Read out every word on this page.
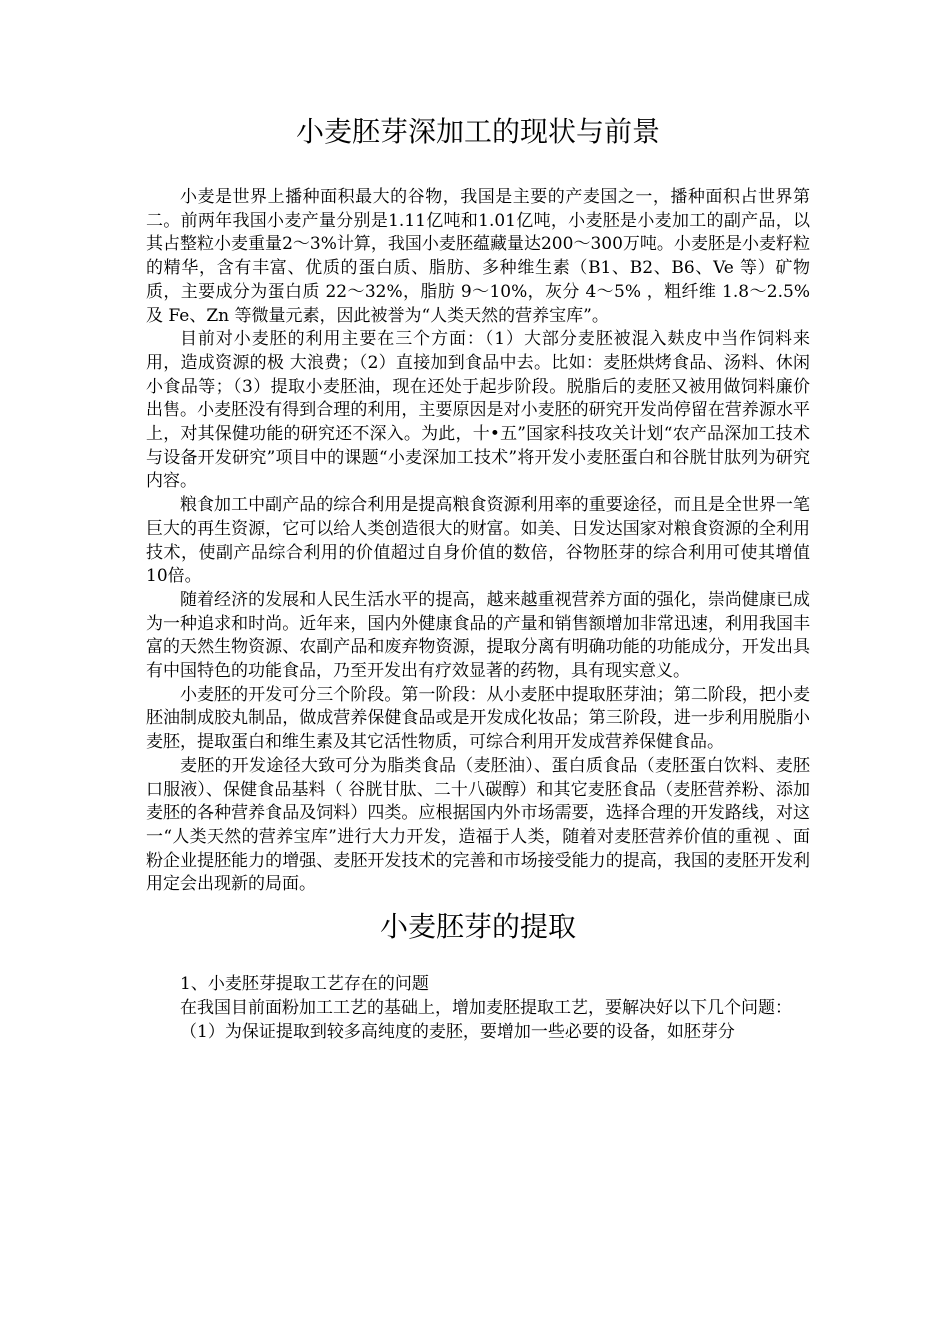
小麦胚芽深加工的现状与前景

小麦是世界上播种面积最大的谷物，我国是主要的产麦国之一，播种面积占世界第二。前两年我国小麦产量分别是1.11亿吨和1.01亿吨，小麦胚是小麦加工的副产品，以其占整粒小麦重量2～3%计算，我国小麦胚蕴藏量达200～300万吨。小麦胚是小麦籽粒的精华，含有丰富、优质的蛋白质、脂肪、多种维生素（B1、B2、B6、Ve 等）矿物质，主要成分为蛋白质 22～32%，脂肪 9～10%，灰分 4～5% ，粗纤维 1.8～2.5% 及 Fe、Zn 等微量元素，因此被誉为“人类天然的营养宝库”。

目前对小麦胚的利用主要在三个方面：（1）大部分麦胚被混入麸皮中当作饲料来用，造成资源的极 大浪费；（2）直接加到食品中去。比如：麦胚烘烤食品、汤料、休闲小食品等；（3）提取小麦胚油，现在还处于起步阶段。脱脂后的麦胚又被用做饲料廉价出售。小麦胚没有得到合理的利用，主要原因是对小麦胚的研究开发尚停留在营养源水平上，对其保健功能的研究还不深入。为此，十•五”国家科技攻关计划“农产品深加工技术与设备开发研究”项目中的课题“小麦深加工技术”将开发小麦胚蛋白和谷胱甘肽列为研究内容。

粮食加工中副产品的综合利用是提高粮食资源利用率的重要途径，而且是全世界一笔巨大的再生资源，它可以给人类创造很大的财富。如美、日发达国家对粮食资源的全利用技术，使副产品综合利用的价值超过自身价值的数倍，谷物胚芽的综合利用可使其增值 10倍。

随着经济的发展和人民生活水平的提高，越来越重视营养方面的强化，崇尚健康已成为一种追求和时尚。近年来，国内外健康食品的产量和销售额增加非常迅速，利用我国丰富的天然生物资源、农副产品和废弃物资源，提取分离有明确功能的功能成分，开发出具有中国特色的功能食品，乃至开发出有疗效显著的药物，具有现实意义。

小麦胚的开发可分三个阶段。第一阶段：从小麦胚中提取胚芽油；第二阶段，把小麦胚油制成胶丸制品，做成营养保健食品或是开发成化妆品；第三阶段，进一步利用脱脂小麦胚，提取蛋白和维生素及其它活性物质，可综合利用开发成营养保健食品。

麦胚的开发途径大致可分为脂类食品（麦胚油）、蛋白质食品（麦胚蛋白饮料、麦胚口服液）、保健食品基料（ 谷胱甘肽、二十八碳醇）和其它麦胚食品（麦胚营养粉、添加麦胚的各种营养食品及饲料）四类。应根据国内外市场需要，选择合理的开发路线，对这一“人类天然的营养宝库”进行大力开发，造福于人类，随着对麦胚营养价值的重视 、面粉企业提胚能力的增强、麦胚开发技术的完善和市场接受能力的提高，我国的麦胚开发利用定会出现新的局面。

小麦胚芽的提取

1、小麦胚芽提取工艺存在的问题

在我国目前面粉加工工艺的基础上，增加麦胚提取工艺，要解决好以下几个问题：

（1）为保证提取到较多高纯度的麦胚，要增加一些必要的设备，如胚芽分
